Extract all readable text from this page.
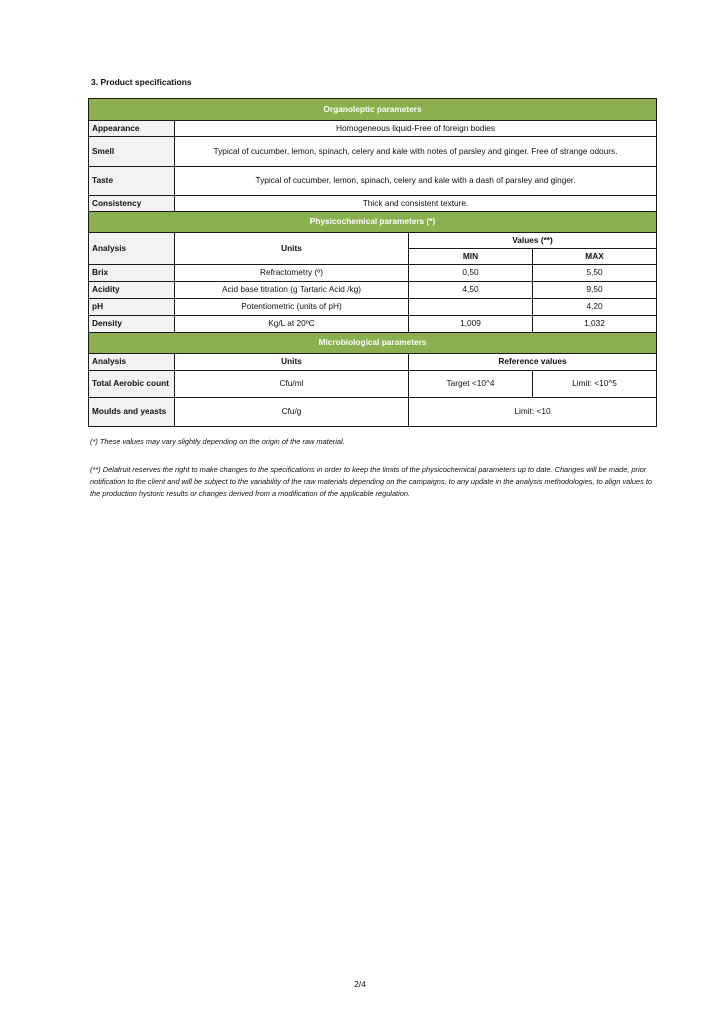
3. Product specifications
Organoleptic parameters			
Appearance	Homogeneous liquid-Free of foreign bodies		
Smell	Typical of cucumber, lemon, spinach, celery and kale with notes of parsley and ginger. Free of strange odours.		
Taste	Typical of cucumber, lemon, spinach, celery and kale with a dash of parsley and ginger.		
Consistency	Thick and consistent texture.		
Physicochemical parameters (*)			
Analysis	Units	Values (**)	
		MIN	MAX
Brix	Refractometry (º)	0,50	5,50
Acidity	Acid base titration (g Tartaric Acid /kg)	4,50	9,50
pH	Potentiometric (units of pH)		4,20
Density	Kg/L at 20ºC	1,009	1,032
Microbiological parameters			
Analysis	Units	Reference values	
Total Aerobic count	Cfu/ml	Target <10^4	Limit: <10^5
Moulds and yeasts	Cfu/g	Limit: <10	
(*) These values may vary slightly depending on the origin of the raw material.
(**) Delafruit reserves the right to make changes to the specifications in order to keep the limits of the physicochemical parameters up to date. Changes will be made, prior notification to the client and will be subject to the variability of the raw materials depending on the campaigns, to any update in the analysis methodologies, to align values to the production hystoric results or changes derived from a modification of the applicable regulation.
2/4
